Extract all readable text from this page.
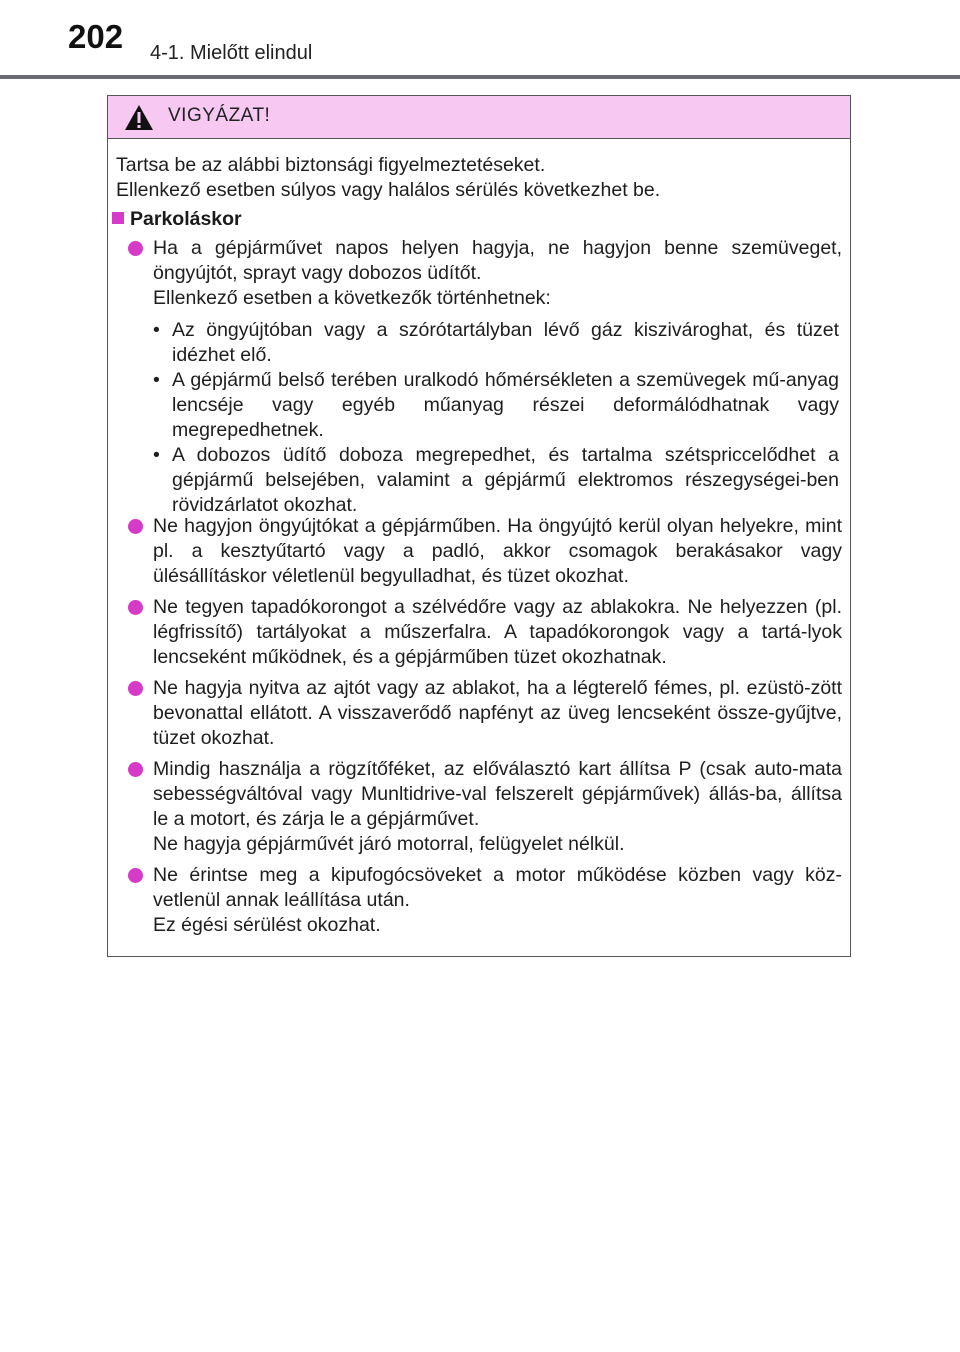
202 4-1. Mielőtt elindul
VIGYÁZAT!

Tartsa be az alábbi biztonsági figyelmeztetéseket.

Ellenkező esetben súlyos vagy halálos sérülés következhet be.

Parkoláskor

Ha a gépjárművet napos helyen hagyja, ne hagyjon benne szemüveget, öngyújtót, sprayt vagy dobozos üdítőt.

Ellenkező esetben a következők történhetnek:

• Az öngyújtóban vagy a szórótartályban lévő gáz kiszivároghat, és tüzet idézhet elő.
• A gépjármű belső terében uralkodó hőmérsékleten a szemüvegek mű-anyag lencséje vagy egyéb műanyag részei deformálódhatnak vagy megrepedhetnek.
• A dobozos üdítő doboza megrepedhet, és tartalma szétspriccelődhet a gépjármű belsejében, valamint a gépjármű elektromos részegységei-ben rövidzárlatot okozhat.

Ne hagyjon öngyújtókat a gépjárműben. Ha öngyújtó kerül olyan helyekre, mint pl. a kesztyűtartó vagy a padló, akkor csomagok berakásakor vagy ülésállításkor véletlenül begyulladhat, és tüzet okozhat.

Ne tegyen tapadókorongot a szélvédőre vagy az ablakokra. Ne helyezzen (pl. légfrissítő) tartályokat a műszerfalra. A tapadókorongok vagy a tartá-lyok lencseként működnek, és a gépjárműben tüzet okozhatnak.

Ne hagyja nyitva az ajtót vagy az ablakot, ha a légterelő fémes, pl. ezüstö-zött bevonattal ellátott. A visszaverődő napfényt az üveg lencseként össze-gyűjtve, tüzet okozhat.

Mindig használja a rögzítőféket, az előválasztó kart állítsa P (csak auto-mata sebességváltóval vagy Munltidrive-val felszerelt gépjárművek) állás-ba, állítsa le a motort, és zárja le a gépjárművet.

Ne hagyja gépjárművét járó motorral, felügyelet nélkül.

Ne érintse meg a kipufogócsöveket a motor működése közben vagy köz-vetlenül annak leállítása után.

Ez égési sérülést okozhat.
